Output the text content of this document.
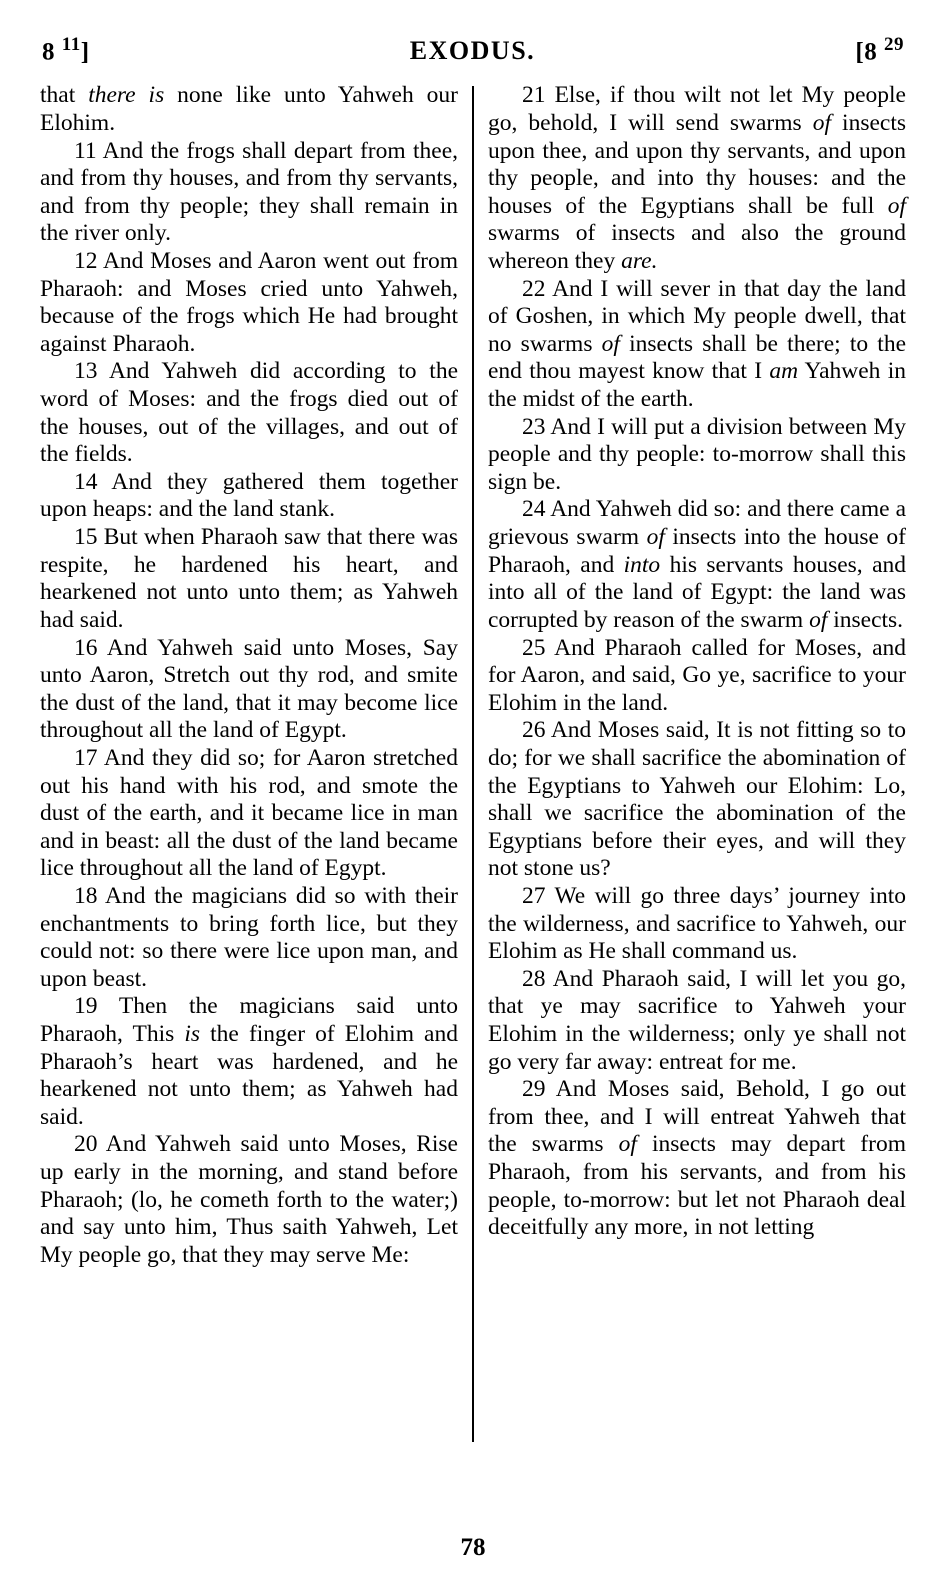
8 $^{11}$]	EXODUS.	[8 $^{29}$

that there is none like unto Yahweh our Elohim.

11 And the frogs shall depart from thee, and from thy houses, and from thy servants, and from thy people; they shall remain in the river only.

12 And Moses and Aaron went out from Pharaoh: and Moses cried unto Yahweh, because of the frogs which He had brought against Pharaoh.

13 And Yahweh did according to the word of Moses: and the frogs died out of the houses, out of the villages, and out of the fields.

14 And they gathered them together upon heaps: and the land stank.

15 But when Pharaoh saw that there was respite, he hardened his heart, and hearkened not unto unto them; as Yahweh had said.

16 And Yahweh said unto Moses, Say unto Aaron, Stretch out thy rod, and smite the dust of the land, that it may become lice throughout all the land of Egypt.

17 And they did so; for Aaron stretched out his hand with his rod, and smote the dust of the earth, and it became lice in man and in beast: all the dust of the land became lice throughout all the land of Egypt.

18 And the magicians did so with their enchantments to bring forth lice, but they could not: so there were lice upon man, and upon beast.

19 Then the magicians said unto Pharaoh, This is the finger of Elohim and Pharaoh’s heart was hardened, and he hearkened not unto them; as Yahweh had said.

20 And Yahweh said unto Moses, Rise up early in the morning, and stand before Pharaoh; (lo, he cometh forth to the water;) and say unto him, Thus saith Yahweh, Let My people go, that they may serve Me:

21 Else, if thou wilt not let My people go, behold, I will send swarms of insects upon thee, and upon thy servants, and upon thy people, and into thy houses: and the houses of the Egyptians shall be full of swarms of insects and also the ground whereon they are.

22 And I will sever in that day the land of Goshen, in which My people dwell, that no swarms of insects shall be there; to the end thou mayest know that I am Yahweh in the midst of the earth.

23 And I will put a division between My people and thy people: to-morrow shall this sign be.

24 And Yahweh did so: and there came a grievous swarm of insects into the house of Pharaoh, and into his servants houses, and into all of the land of Egypt: the land was corrupted by reason of the swarm of insects.

25 And Pharaoh called for Moses, and for Aaron, and said, Go ye, sacrifice to your Elohim in the land.

26 And Moses said, It is not fitting so to do; for we shall sacrifice the abomination of the Egyptians to Yahweh our Elohim: Lo, shall we sacrifice the abomination of the Egyptians before their eyes, and will they not stone us?

27 We will go three days’ journey into the wilderness, and sacrifice to Yahweh, our Elohim as He shall command us.

28 And Pharaoh said, I will let you go, that ye may sacrifice to Yahweh your Elohim in the wilderness; only ye shall not go very far away: entreat for me.

29 And Moses said, Behold, I go out from thee, and I will entreat Yahweh that the swarms of insects may depart from Pharaoh, from his servants, and from his people, to-morrow: but let not Pharaoh deal deceitfully any more, in not letting

78
